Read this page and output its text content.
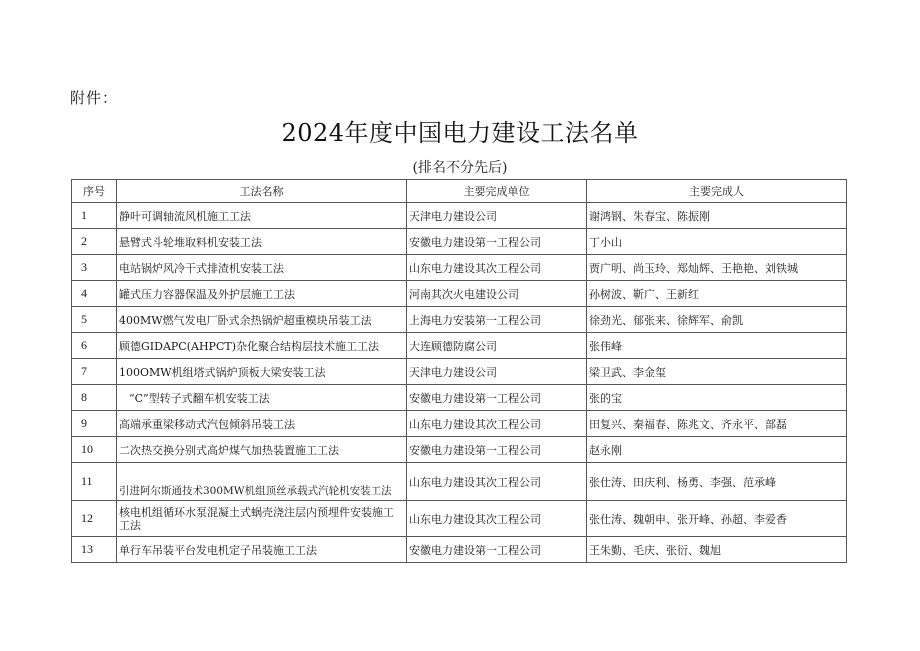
附件：
2024年度中国电力建设工法名单
(排名不分先后)
序号	工法名称	主要完成单位	主要完成人
1	静叶可调轴流风机施工工法	天津电力建设公司	谢鸿钢、朱春宝、陈振刚
2	悬臂式斗轮堆取料机安装工法	安徽电力建设第一工程公司	丁小山
3	电站锅炉风冷干式排渣机安装工法	山东电力建设其次工程公司	贾广明、尚玉玲、郑灿辉、王艳艳、刘铁城
4	罐式压力容器保温及外护层施工工法	河南其次火电建设公司	孙树波、靳广、王新红
5	400MW燃气发电厂卧式余热锅炉超重模块吊装工法	上海电力安装第一工程公司	徐劲光、郁张来、徐辉军、俞凯
6	顾德GIDAPC(AHPCT)杂化聚合结构层技术施工工法	大连顾德防腐公司	张伟峰
7	100OMW机组塔式锅炉顶板大梁安装工法	天津电力建设公司	梁卫武、李金玺
8	“C”型转子式翻车机安装工法	安徽电力建设第一工程公司	张的宝
9	高端承重梁移动式汽包倾斜吊装工法	山东电力建设其次工程公司	田复兴、秦福春、陈兆文、齐永平、部磊
10	二次热交换分别式高炉煤气加热装置施工工法	安徽电力建设第一工程公司	赵永刚
11	引进阿尔斯通技术300MW机组顶丝承载式汽轮机安装工法	山东电力建设其次工程公司	张仕涛、田庆利、杨勇、李强、范承峰
12	核电机组循环水泵混凝土式蜗壳浇注层内预埋件安装施工工法	山东电力建设其次工程公司	张仕涛、魏朝申、张开峰、孙超、李爱香
13	单行车吊装平台发电机定子吊装施工工法	安徽电力建设第一工程公司	王朱勤、毛庆、张衍、魏旭
